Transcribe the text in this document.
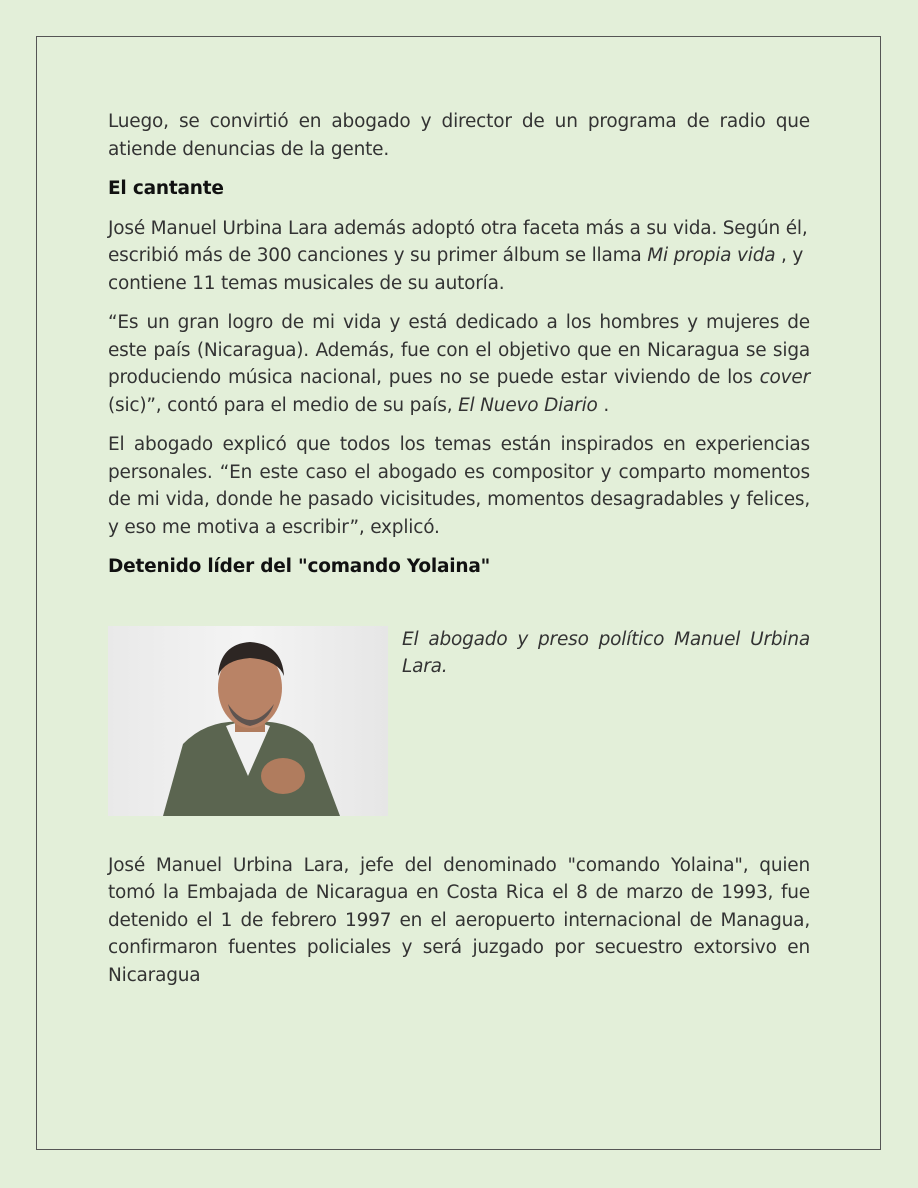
Luego, se convirtió en abogado y director de un programa de radio que atiende denuncias de la gente.

El cantante

José Manuel Urbina Lara además adoptó otra faceta más a su vida. Según él, escribió más de 300 canciones y su primer álbum se llama Mi propia vida , y contiene 11 temas musicales de su autoría.

“Es un gran logro de mi vida y está dedicado a los hombres y mujeres de este país (Nicaragua). Además, fue con el objetivo que en Nicaragua se siga produciendo música nacional, pues no se puede estar viviendo de los cover (sic)”, contó para el medio de su país, El Nuevo Diario .

El abogado explicó que todos los temas están inspirados en experiencias personales. “En este caso el abogado es compositor y comparto momentos de mi vida, donde he pasado vicisitudes, momentos desagradables y felices, y eso me motiva a escribir”, explicó.

Detenido líder del "comando Yolaina"

El abogado y preso político Manuel Urbina Lara.

José Manuel Urbina Lara, jefe del denominado "comando Yolaina", quien tomó la Embajada de Nicaragua en Costa Rica el 8 de marzo de 1993, fue detenido el 1 de febrero 1997 en el aeropuerto internacional de Managua, confirmaron fuentes policiales y será juzgado por secuestro extorsivo en Nicaragua
